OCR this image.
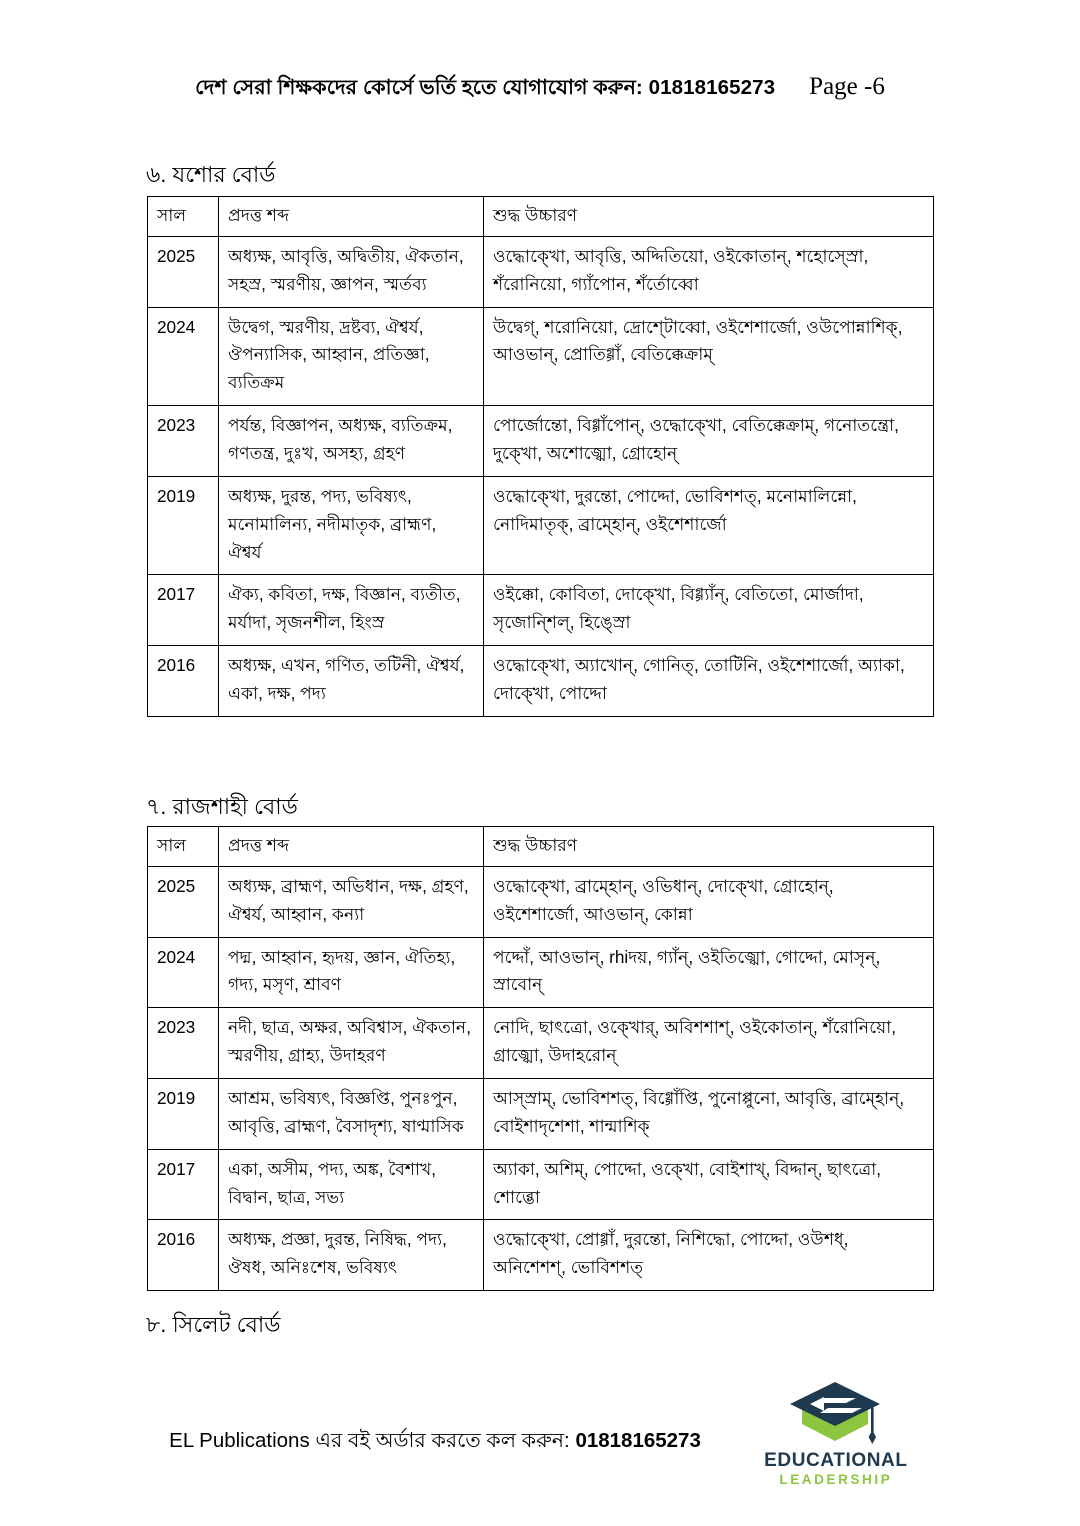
দেশ সেরা শিক্ষকদের কোর্সে ভর্তি হতে যোগাযোগ করুন: 01818165273 Page -6
৬. যশোর বোর্ড
সাল	প্রদত্ত শব্দ	শুদ্ধ উচ্চারণ
2025	অধ্যক্ষ, আবৃত্তি, অদ্বিতীয়, ঐকতান, সহস্র, স্মরণীয়, জ্ঞাপন, স্মর্তব্য	ওদ্ধোক্খো, আবৃত্তি, অদ্দিতিয়ো, ওইকোতান্, শহোস্স্রো, শঁরোনিয়ো, গ্যাঁপোন, শঁর্তোব্বো
2024	উদ্বেগ, স্মরণীয়, দ্রষ্টব্য, ঐশ্বর্য, ঔপন্যাসিক, আহ্বান, প্রতিজ্ঞা, ব্যতিক্রম	উদ্বেগ্, শরোনিয়ো, দ্রোশ্টোব্বো, ওইশেশার্জো, ওউপোন্নাশিক্, আওভান্, প্রোতিগ্গাঁ, বেতিক্কেক্রাম্
2023	পর্যন্ত, বিজ্ঞাপন, অধ্যক্ষ, ব্যতিক্রম, গণতন্ত্র, দুঃখ, অসহ্য, গ্রহণ	পোর্জোন্তো, বিগ্গাঁপোন্, ওদ্ধোক্খো, বেতিক্কেক্রাম্, গনোতন্ত্রো, দুক্খো, অশোজ্ঝো, গ্রোহোন্
2019	অধ্যক্ষ, দুরন্ত, পদ্য, ভবিষ্যৎ, মনোমালিন্য, নদীমাতৃক, ব্রাহ্মণ, ঐশ্বর্য	ওদ্ধোক্খো, দুরন্তো, পোদ্দো, ভোবিশশত্, মনোমালিন্নো, নোদিমাতৃক্, ব্রাম্হোন্, ওইশেশার্জো
2017	ঐক্য, কবিতা, দক্ষ, বিজ্ঞান, ব্যতীত, মর্যাদা, সৃজনশীল, হিংস্র	ওইক্কো, কোবিতা, দোক্খো, বিগ্গ্যাঁন্, বেতিতো, মোর্জাদা, সৃজোন্শিল্, হিঙ্স্রো
2016	অধ্যক্ষ, এখন, গণিত, তটিনী, ঐশ্বর্য, একা, দক্ষ, পদ্য	ওদ্ধোক্খো, অ্যাখোন্, গোনিত্, তোটিনি, ওইশেশার্জো, অ্যাকা, দোক্খো, পোদ্দো
৭. রাজশাহী বোর্ড
সাল	প্রদত্ত শব্দ	শুদ্ধ উচ্চারণ
2025	অধ্যক্ষ, ব্রাহ্মণ, অভিধান, দক্ষ, গ্রহণ, ঐশ্বর্য, আহ্বান, কন্যা	ওদ্ধোক্খো, ব্রাম্হোন্, ওভিধান্, দোক্খো, গ্রোহোন্, ওইশেশার্জো, আওভান্, কোন্না
2024	পদ্ম, আহ্বান, হৃদয়, জ্ঞান, ঐতিহ্য, গদ্য, মসৃণ, শ্রাবণ	পদ্দোঁ, আওভান্, rhiদয়, গ্যাঁন্, ওইতিজ্ঝো, গোদ্দো, মোসৃন্, স্রাবোন্
2023	নদী, ছাত্র, অক্ষর, অবিশ্বাস, ঐকতান, স্মরণীয়, গ্রাহ্য, উদাহরণ	নোদি, ছাৎত্রো, ওক্খোর্, অবিশশাশ্, ওইকোতান্, শঁরোনিয়ো, গ্রাজ্ঝো, উদাহরোন্
2019	আশ্রম, ভবিষ্যৎ, বিজ্ঞপ্তি, পুনঃপুন, আবৃত্তি, ব্রাহ্মণ, বৈসাদৃশ্য, ষাণ্মাসিক	আস্স্রাম্, ভোবিশশত্, বিগ্গোঁপ্তি, পুনোপ্পুনো, আবৃত্তি, ব্রাম্হোন্, বোইশাদৃশেশা, শান্মাশিক্
2017	একা, অসীম, পদ্য, অঙ্ক, বৈশাখ, বিদ্বান, ছাত্র, সভ্য	অ্যাকা, অশিম্, পোদ্দো, ওক্খো, বোইশাখ্, বিদ্দান্, ছাৎত্রো, শোব্ভো
2016	অধ্যক্ষ, প্রজ্ঞা, দুরন্ত, নিষিদ্ধ, পদ্য, ঔষধ, অনিঃশেষ, ভবিষ্যৎ	ওদ্ধোক্খো, প্রোগ্গাঁ, দুরন্তো, নিশিদ্ধো, পোদ্দো, ওউশধ্, অনিশেশশ্, ভোবিশশত্
৮. সিলেট বোর্ড
EL Publications এর বই অর্ডার করতে কল করুন: 01818165273
EDUCATIONAL
LEADERSHIP
